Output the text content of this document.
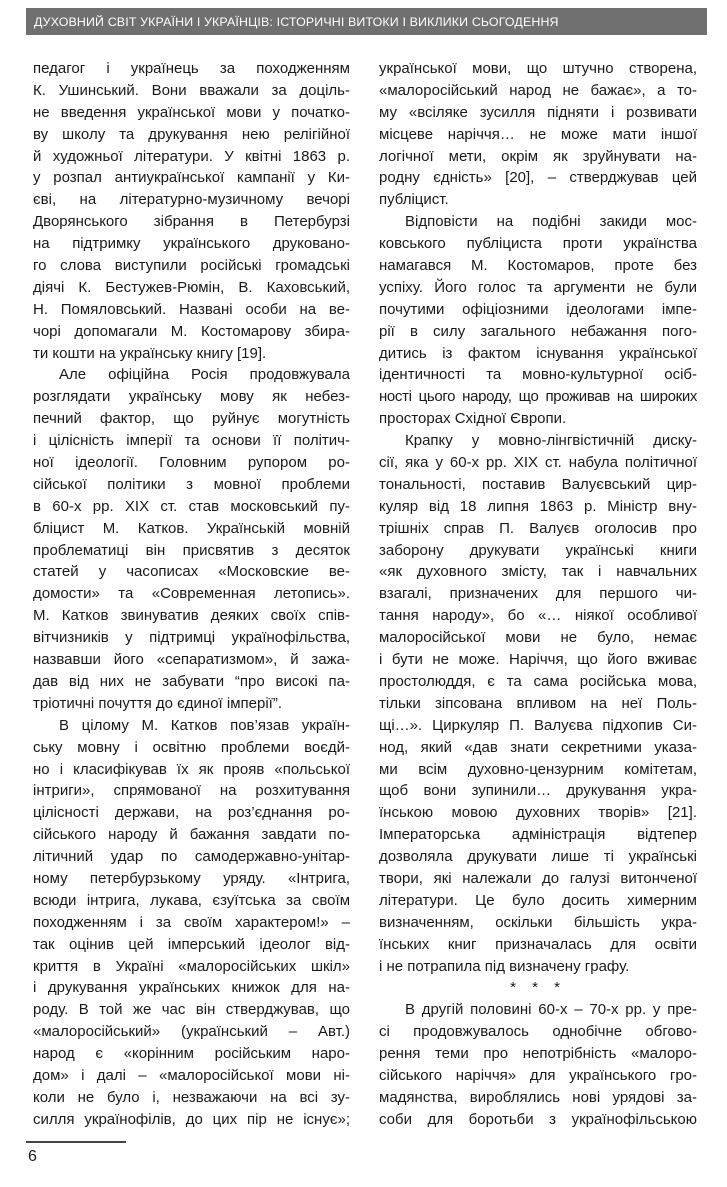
ДУХОВНИЙ СВІТ УКРАЇНИ І УКРАЇНЦІВ: ІСТОРИЧНІ ВИТОКИ І ВИКЛИКИ СЬОГОДЕННЯ
педагог і українець за походженням
К. Ушинський. Вони вважали за доціль-
не введення української мови у початко-
ву школу та друкування нею релігійної
й художньої літератури. У квітні 1863 р.
у розпал антиукраїнської кампанії у Ки-
єві, на літературно-музичному вечорі
Дворянського зібрання в Петербурзі
на підтримку українського друковано-
го слова виступили російські громадські
діячі К. Бестужев-Рюмін, В. Каховський,
Н. Помяловський. Названі особи на ве-
чорі допомагали М. Костомарову збира-
ти кошти на українську книгу [19].
Але офіційна Росія продовжувала
розглядати українську мову як небез-
печний фактор, що руйнує могутність
і цілісність імперії та основи її політич-
ної ідеології. Головним рупором ро-
сійської політики з мовної проблеми
в 60-х рр. XIX ст. став московський пу-
бліцист М. Катков. Українській мовній
проблематиці він присвятив з десяток
статей у часописах «Московские ве-
домости» та «Современная летопись».
М. Катков звинуватив деяких своїх спів-
вітчизників у підтримці українофільства,
назвавши його «сепаратизмом», й зажа-
дав від них не забувати “про високі па-
тріотичні почуття до єдиної імперії”.
В цілому М. Катков пов’язав україн-
ську мовну і освітню проблеми воєдй-
но і класифікував їх як прояв «польської
інтриги», спрямованої на розхитування
цілісності держави, на роз’єднання ро-
сійського народу й бажання завдати по-
літичний удар по самодержавно-унітар-
ному петербурзькому уряду. «Інтрига,
всюди інтрига, лукава, єзуїтська за своїм
походженням і за своїм характером!» –
так оцінив цей імперський ідеолог від-
криття в Україні «малоросійських шкіл»
і друкування українських книжок для на-
роду. В той же час він стверджував, що
«малоросійський» (український – Авт.)
народ є «корінним російським наро-
дом» і далі – «малоросійської мови ні-
коли не було і, незважаючи на всі зу-
силля українофілів, до цих пір не існує»;
української мови, що штучно створена,
«малоросійський народ не бажає», а то-
му «всіляке зусилля підняти і розвивати
місцеве наріччя… не може мати іншої
логічної мети, окрім як зруйнувати на-
родну єдність» [20], – стверджував цей
публіцист.
Відповісти на подібні закиди мос-
ковського публіциста проти українства
намагався М. Костомаров, проте без
успіху. Його голос та аргументи не були
почутими офіціозними ідеологами імпе-
рії в силу загального небажання пого-
дитись із фактом існування української
ідентичності та мовно-культурної осіб-
ності цього народу, що проживав на широких
просторах Східної Європи.
Крапку у мовно-лінгвістичній диску-
сії, яка у 60-х рр. XIX ст. набула політичної
тональності, поставив Валуєвський цир-
куляр від 18 липня 1863 р. Міністр вну-
трішніх справ П. Валуєв оголосив про
заборону друкувати українські книги
«як духовного змісту, так і навчальних
взагалі, призначених для першого чи-
тання народу», бо «… ніякої особливої
малоросійської мови не було, немає
і бути не може. Наріччя, що його вживає
простолюддя, є та сама російська мова,
тільки зіпсована впливом на неї Поль-
щі…». Циркуляр П. Валуєва підхопив Си-
нод, який «дав знати секретними указа-
ми всім духовно-цензурним комітетам,
щоб вони зупинили… друкування укра-
їнською мовою духовних творів» [21].
Імператорська адміністрація відтепер
дозволяла друкувати лише ті українські
твори, які належали до галузі витонченої
літератури. Це було досить химерним
визначенням, оскільки більшість укра-
їнських книг призначалась для освіти
і не потрапила під визначену графу.
* * *
В другій половині 60-х – 70-х рр. у пре-
сі продовжувалось однобічне обгово-
рення теми про непотрібність «малоро-
сійського наріччя» для українського гро-
мадянства, вироблялись нові урядові за-
соби для боротьби з українофільською
6
